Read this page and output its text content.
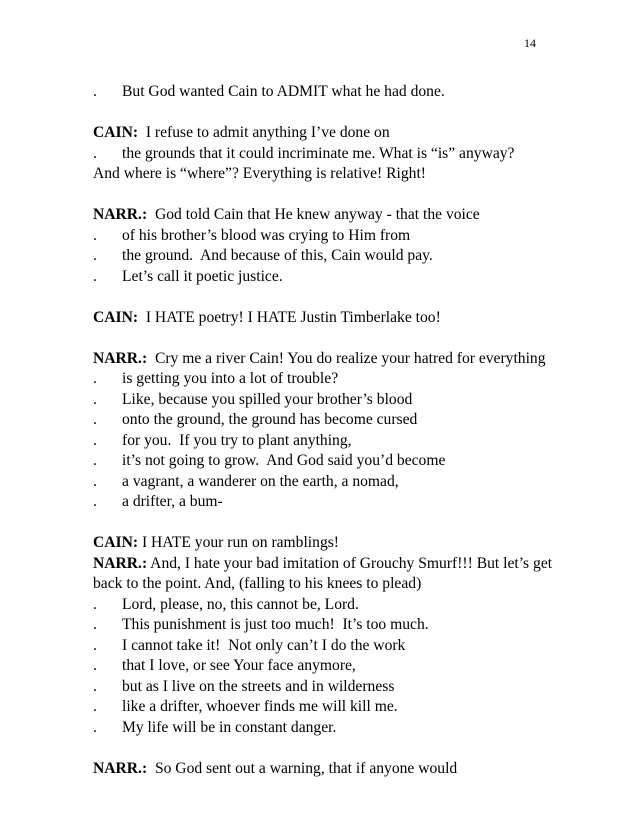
14
. But God wanted Cain to ADMIT what he had done.
CAIN:  I refuse to admit anything I’ve done on
. the grounds that it could incriminate me. What is “is” anyway?
And where is “where”? Everything is relative! Right!
NARR.:  God told Cain that He knew anyway - that the voice
. of his brother’s blood was crying to Him from
. the ground.  And because of this, Cain would pay.
. Let’s call it poetic justice.
CAIN:  I HATE poetry! I HATE Justin Timberlake too!
NARR.:  Cry me a river Cain! You do realize your hatred for everything
. is getting you into a lot of trouble?
. Like, because you spilled your brother’s blood
. onto the ground, the ground has become cursed
. for you.  If you try to plant anything,
. it’s not going to grow.  And God said you’d become
. a vagrant, a wanderer on the earth, a nomad,
. a drifter, a bum-
CAIN: I HATE your run on ramblings!
NARR.: And, I hate your bad imitation of Grouchy Smurf!!! But let’s get back to the point. And, (falling to his knees to plead)
. Lord, please, no, this cannot be, Lord.
. This punishment is just too much!  It’s too much.
. I cannot take it!  Not only can’t I do the work
. that I love, or see Your face anymore,
. but as I live on the streets and in wilderness
. like a drifter, whoever finds me will kill me.
. My life will be in constant danger.
NARR.:  So God sent out a warning, that if anyone would
